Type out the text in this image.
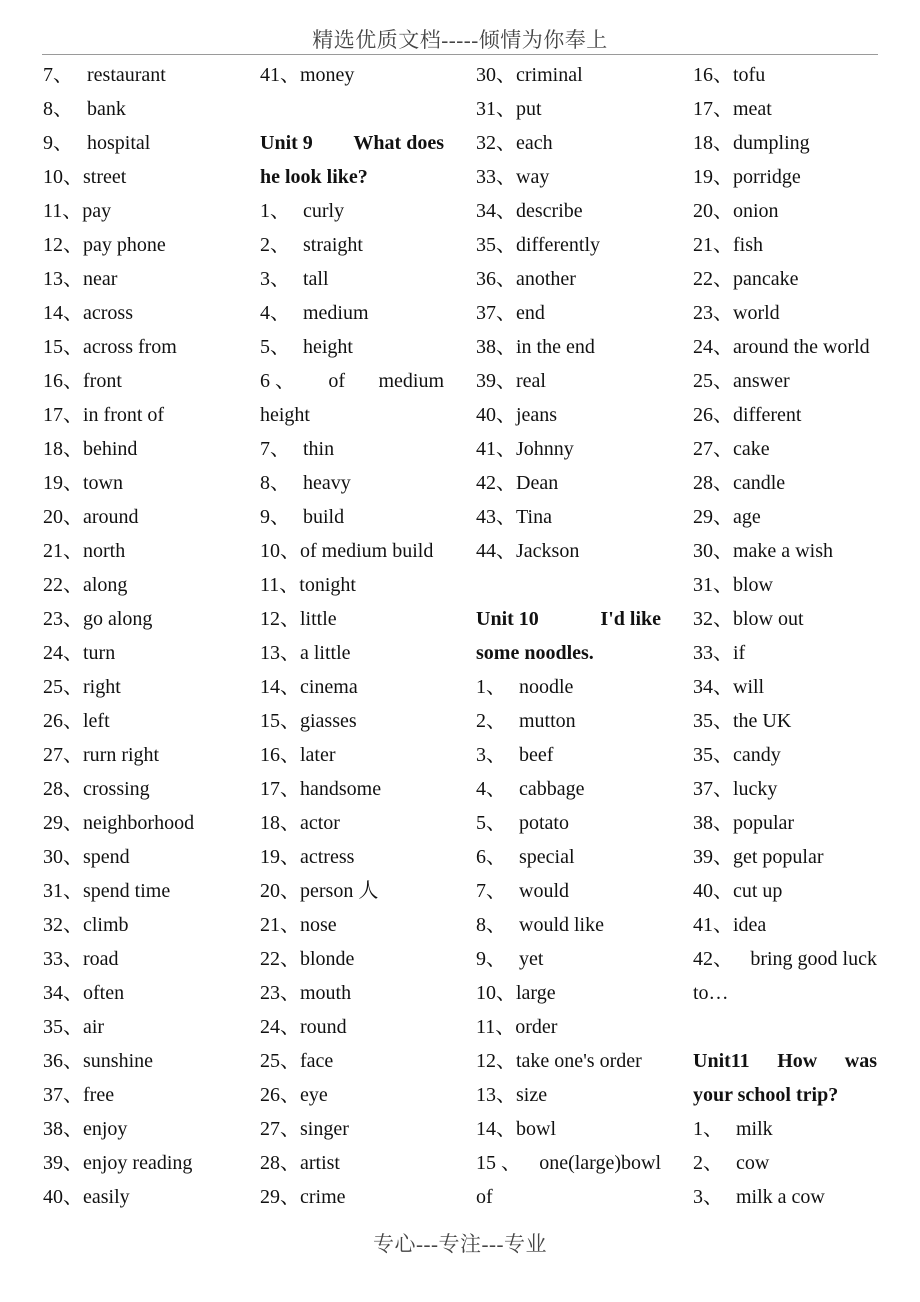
精选优质文档-----倾情为你奉上
7、 restaurant
8、 bank
9、 hospital
10、 street
11、 pay
12、 pay phone
13、 near
14、 across
15、 across from
16、 front
17、 in front of
18、 behind
19、 town
20、 around
21、 north
22、 along
23、 go along
24、 turn
25、 right
26、 left
27、 rurn right
28、 crossing
29、 neighborhood
30、 spend
31、 spend time
32、 climb
33、 road
34、 often
35、 air
36、 sunshine
37、 free
38、 enjoy
39、 enjoy reading
40、 easily
41、 money
Unit 9 What does
he look like?
1、 curly
2、 straight
3、 tall
4、 medium
5、 height
6 、 of medium
height
7、 thin
8、 heavy
9、 build
10、 of medium build
11、 tonight
12、 little
13、 a little
14、 cinema
15、 giasses
16、 later
17、 handsome
18、 actor
19、 actress
20、 person 人
21、 nose
22、 blonde
23、 mouth
24、 round
25、 face
26、 eye
27、 singer
28、 artist
29、 crime
30、 criminal
31、 put
32、 each
33、 way
34、 describe
35、 differently
36、 another
37、 end
38、 in the end
39、 real
40、 jeans
41、 Johnny
42、 Dean
43、 Tina
44、 Jackson
Unit 10	I'd like
some noodles.
1、 noodle
2、 mutton
3、 beef
4、 cabbage
5、 potato
6、 special
7、 would
8、 would like
9、 yet
10、 large
11、 order
12、 take one's order
13、 size
14、 bowl
15 、 one(large)bowl
of
16、 tofu
17、 meat
18、 dumpling
19、 porridge
20、 onion
21、 fish
22、 pancake
23、 world
24、 around the world
25、 answer
26、 different
27、 cake
28、 candle
29、 age
30、 make a wish
31、 blow
32、 blow out
33、 if
34、 will
35、 the UK
35、 candy
37、 lucky
38、 popular
39、 get popular
40、 cut up
41、 idea
42、 bring good luck
to…
Unit11 How was
your school trip?
1、 milk
2、 cow
3、 milk a cow
专心---专注---专业
